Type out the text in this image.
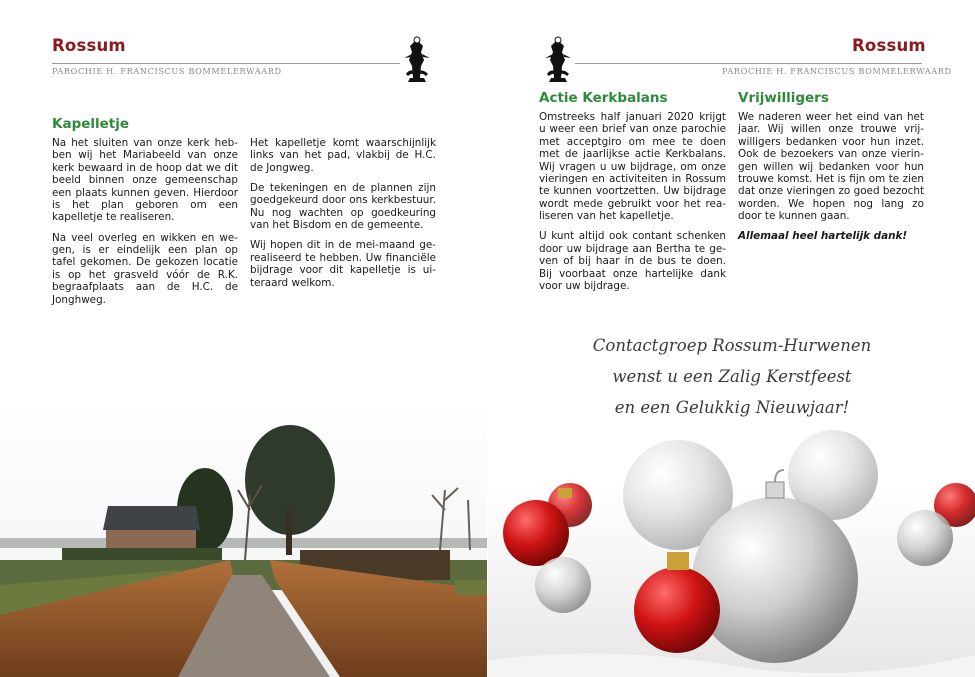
Rossum
PAROCHIE H. FRANCISCUS BOMMELERWAARD
Kapelletje

Na het sluiten van onze kerk hebben wij het Mariabeeld van onze kerk bewaard in de hoop dat we dit beeld binnen onze gemeenschap een plaats kunnen geven. Hierdoor is het plan geboren om een kapelletje te realiseren.

Na veel overleg en wikken en wegen, is er eindelijk een plan op tafel gekomen. De gekozen locatie is op het grasveld vóór de R.K. begraafplaats aan de H.C. de Jonghweg.

Het kapelletje komt waarschijnlijk links van het pad, vlakbij de H.C. de Jongweg.

De tekeningen en de plannen zijn goedgekeurd door ons kerkbestuur. Nu nog wachten op goedkeuring van het Bisdom en de gemeente.

Wij hopen dit in de mei-maand gerealiseerd te hebben. Uw financiële bijdrage voor dit kapelletje is uiteraard welkom.

Rossum
PAROCHIE H. FRANCISCUS BOMMELERWAARD
Actie Kerkbalans

Omstreeks half januari 2020 krijgt u weer een brief van onze parochie met acceptgiro om mee te doen met de jaarlijkse actie Kerkbalans. Wij vragen u uw bijdrage, om onze vieringen en activiteiten in Rossum te kunnen voortzetten. Uw bijdrage wordt mede gebruikt voor het realiseren van het kapelletje.

U kunt altijd ook contant schenken door uw bijdrage aan Bertha te geven of bij haar in de bus te doen. Bij voorbaat onze hartelijke dank voor uw bijdrage.

Vrijwilligers

We naderen weer het eind van het jaar. Wij willen onze trouwe vrijwilligers bedanken voor hun inzet. Ook de bezoekers van onze vieringen willen wij bedanken voor hun trouwe komst. Het is fijn om te zien dat onze vieringen zo goed bezocht worden. We hopen nog lang zo door te kunnen gaan.

Allemaal heel hartelijk dank!

Contactgroep Rossum-Hurwenen
wenst u een Zalig Kerstfeest
en een Gelukkig Nieuwjaar!
